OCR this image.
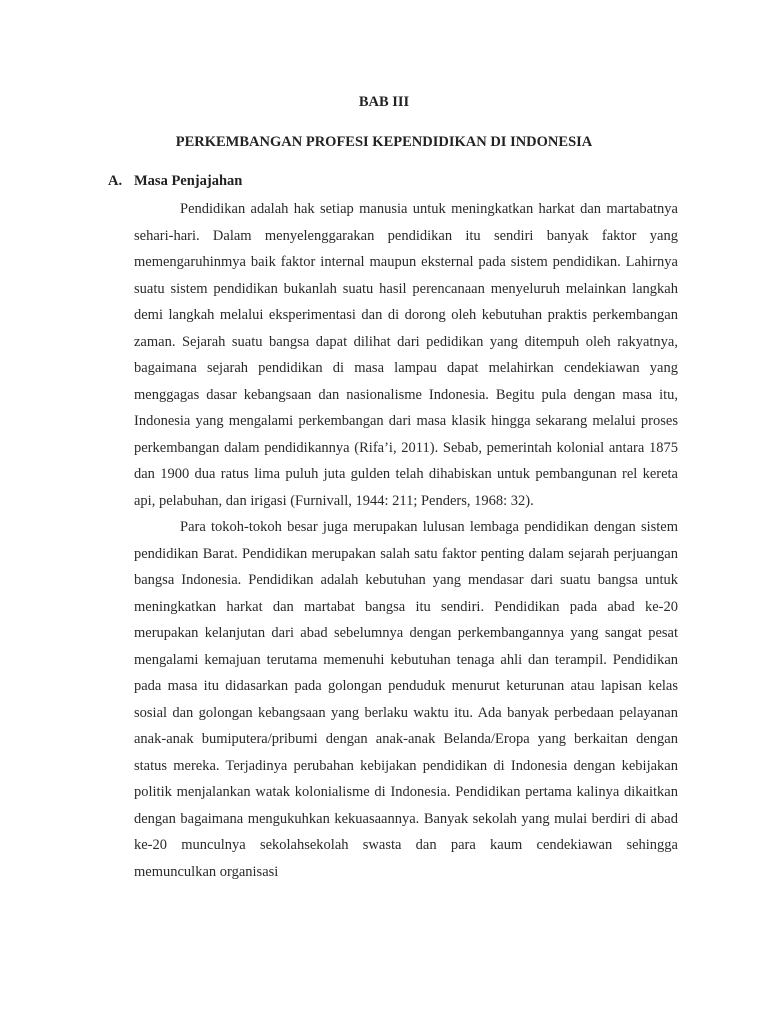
BAB III
PERKEMBANGAN PROFESI KEPENDIDIKAN DI INDONESIA
A. Masa Penjajahan

Pendidikan adalah hak setiap manusia untuk meningkatkan harkat dan martabatnya sehari-hari. Dalam menyelenggarakan pendidikan itu sendiri banyak faktor yang memengaruhinmya baik faktor internal maupun eksternal pada sistem pendidikan. Lahirnya suatu sistem pendidikan bukanlah suatu hasil perencanaan menyeluruh melainkan langkah demi langkah melalui eksperimentasi dan di dorong oleh kebutuhan praktis perkembangan zaman. Sejarah suatu bangsa dapat dilihat dari pedidikan yang ditempuh oleh rakyatnya, bagaimana sejarah pendidikan di masa lampau dapat melahirkan cendekiawan yang menggagas dasar kebangsaan dan nasionalisme Indonesia. Begitu pula dengan masa itu, Indonesia yang mengalami perkembangan dari masa klasik hingga sekarang melalui proses perkembangan dalam pendidikannya (Rifa’i, 2011). Sebab, pemerintah kolonial antara 1875 dan 1900 dua ratus lima puluh juta gulden telah dihabiskan untuk pembangunan rel kereta api, pelabuhan, dan irigasi (Furnivall, 1944: 211; Penders, 1968: 32).

Para tokoh-tokoh besar juga merupakan lulusan lembaga pendidikan dengan sistem pendidikan Barat. Pendidikan merupakan salah satu faktor penting dalam sejarah perjuangan bangsa Indonesia. Pendidikan adalah kebutuhan yang mendasar dari suatu bangsa untuk meningkatkan harkat dan martabat bangsa itu sendiri. Pendidikan pada abad ke-20 merupakan kelanjutan dari abad sebelumnya dengan perkembangannya yang sangat pesat mengalami kemajuan terutama memenuhi kebutuhan tenaga ahli dan terampil. Pendidikan pada masa itu didasarkan pada golongan penduduk menurut keturunan atau lapisan kelas sosial dan golongan kebangsaan yang berlaku waktu itu. Ada banyak perbedaan pelayanan anak-anak bumiputera/pribumi dengan anak-anak Belanda/Eropa yang berkaitan dengan status mereka. Terjadinya perubahan kebijakan pendidikan di Indonesia dengan kebijakan politik menjalankan watak kolonialisme di Indonesia. Pendidikan pertama kalinya dikaitkan dengan bagaimana mengukuhkan kekuasaannya. Banyak sekolah yang mulai berdiri di abad ke-20 munculnya sekolahsekolah swasta dan para kaum cendekiawan sehingga memunculkan organisasi
